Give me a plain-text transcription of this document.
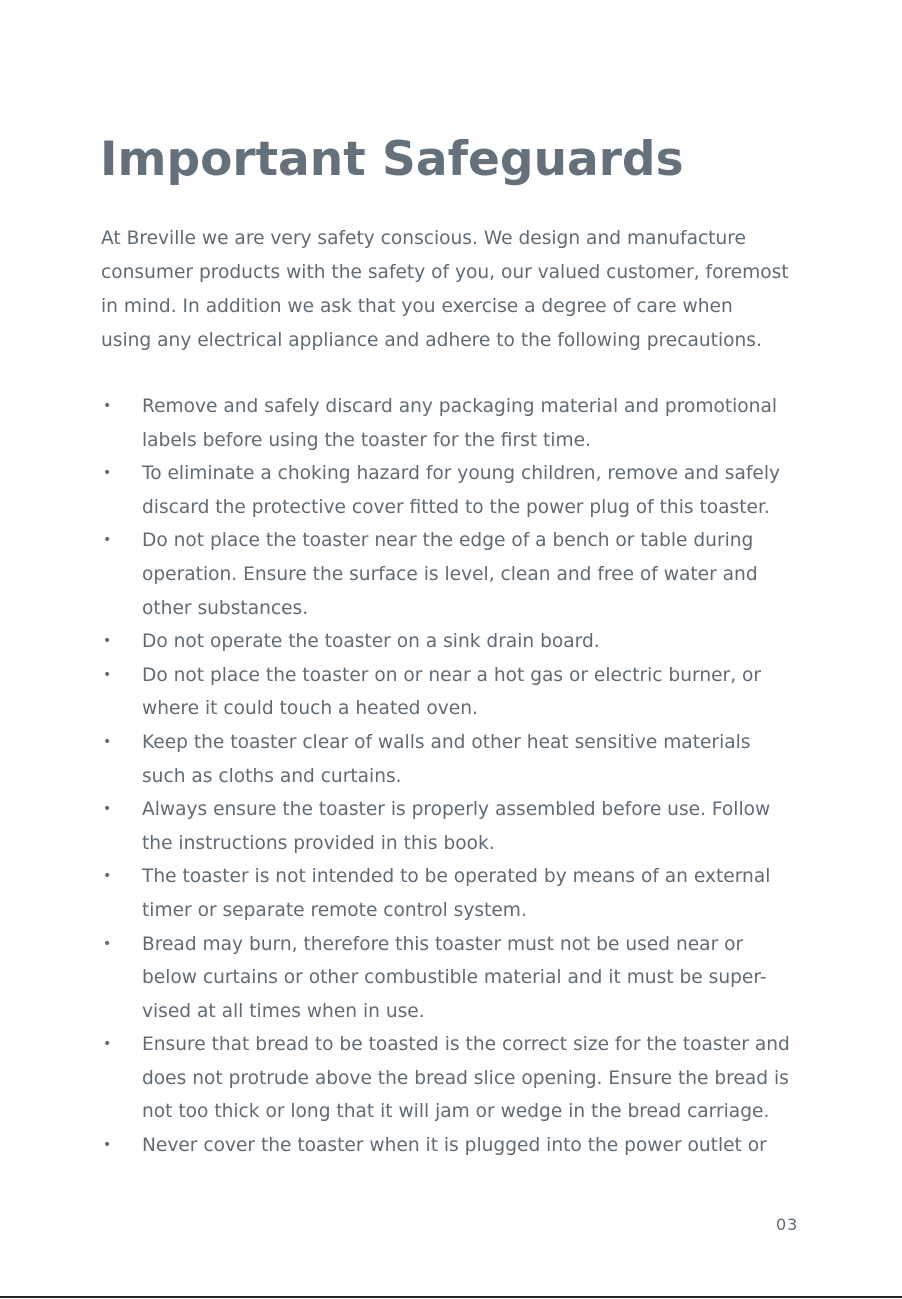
Important Safeguards

At Breville we are very safety conscious. We design and manufacture
consumer products with the safety of you, our valued customer, foremost
in mind. In addition we ask that you exercise a degree of care when
using any electrical appliance and adhere to the following precautions.

• Remove and safely discard any packaging material and promotional
labels before using the toaster for the first time.
• To eliminate a choking hazard for young children, remove and safely
discard the protective cover fitted to the power plug of this toaster.
• Do not place the toaster near the edge of a bench or table during
operation. Ensure the surface is level, clean and free of water and
other substances.
• Do not operate the toaster on a sink drain board.
• Do not place the toaster on or near a hot gas or electric burner, or
where it could touch a heated oven.
• Keep the toaster clear of walls and other heat sensitive materials
such as cloths and curtains.
• Always ensure the toaster is properly assembled before use. Follow
the instructions provided in this book.
• The toaster is not intended to be operated by means of an external
timer or separate remote control system.
• Bread may burn, therefore this toaster must not be used near or
below curtains or other combustible material and it must be super-
vised at all times when in use.
• Ensure that bread to be toasted is the correct size for the toaster and
does not protrude above the bread slice opening. Ensure the bread is
not too thick or long that it will jam or wedge in the bread carriage.
• Never cover the toaster when it is plugged into the power outlet or
03
